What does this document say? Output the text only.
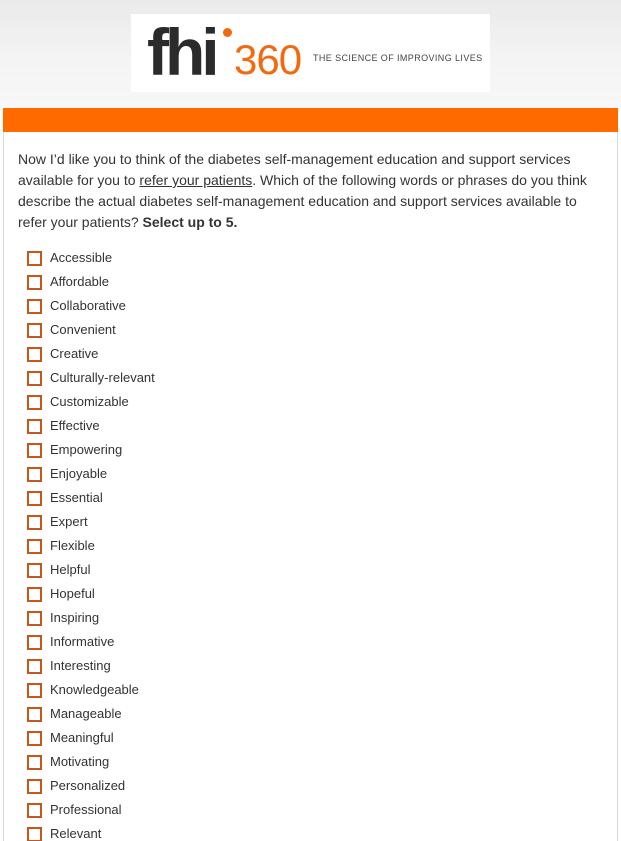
fhi 360 THE SCIENCE OF IMPROVING LIVES
Now I’d like you to think of the diabetes self-management education and support services available for you to refer your patients. Which of the following words or phrases do you think describe the actual diabetes self-management education and support services available to refer your patients? Select up to 5.
Accessible
Affordable
Collaborative
Convenient
Creative
Culturally-relevant
Customizable
Effective
Empowering
Enjoyable
Essential
Expert
Flexible
Helpful
Hopeful
Inspiring
Informative
Interesting
Knowledgeable
Manageable
Meaningful
Motivating
Personalized
Professional
Relevant
